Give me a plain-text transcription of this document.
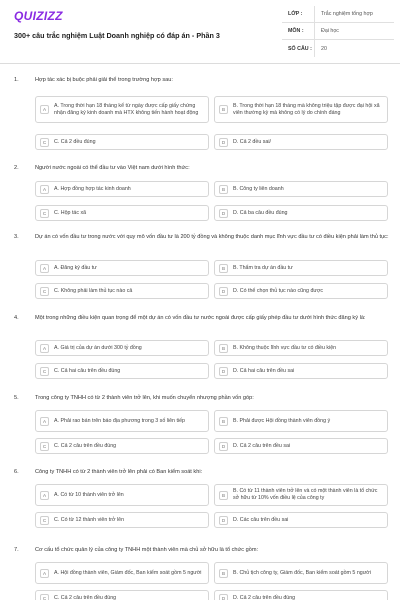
QUIZIZZ
300+ câu trắc nghiệm Luật Doanh nghiệp có đáp án - Phần 3
LỚP :	Trắc nghiệm tổng hợp
MÔN :	Đại học
SỐ CÂU :	20
1.	Hợp tác xác bị buộc phải giải thể trong trường hợp sau:
A
A. Trong thời hạn 18 tháng kể từ ngày được cấp giấy chứng nhận đăng ký kinh doanh mà HTX không tiến hành hoạt động	B
B. Trong thời hạn 18 tháng mà không triệu tập được đại hội xã viên thường kỳ mà không có lý do chính đáng
C	C. Cả 2 đều đúng	D	D. Cả 2 đều sai/
2.	Người nước ngoài có thể đầu tư vào Việt nam dưới hình thức:
A	A. Hợp đồng hợp tác kinh doanh	B	B. Công ty liên doanh
C	C. Hộp tác xã	D	D. Cả ba câu đều đúng
3.	Dự án có vốn đầu tư trong nước với quy mô vốn đầu tư là 200 tỷ đồng và không thuộc danh mục lĩnh vực đầu tư có điều kiện phải làm thủ tục:
A	A. Đăng ký đầu tư	B	B. Thẩm tra dự án đầu tư
C	C. Không phải làm thủ tục nào cả	D	D. Có thể chọn thủ tục nào cũng được
4.	Một trong những điều kiện quan trọng để một dự án có vốn đầu tư nước ngoài được cấp giấy phép đầu tư dưới hình thức đăng ký là:
A	A. Giá trị của dự án dưới 300 tỷ đồng	B	B. Không thuộc lĩnh vực đầu tư có điều kiện
C	C. Cả hai câu trên đều đúng	D	D. Cả hai câu trên đều sai
5.	Trong công ty TNHH có từ 2 thành viên trở lên, khi muốn chuyển nhượng phần vốn góp:
A	A. Phải rao bán trên báo địa phương trong 3 số liên tiếp	B	B. Phải được Hội đồng thành viên đồng ý
C	C. Cả 2 câu trên đều đúng	D	D. Cả 2 câu trên đều sai
6.	Công ty TNHH có từ 2 thành viên trở lên phải có Ban kiểm soát khi:
A	A. Có từ 10 thành viên trở lên	B
B. Có từ 11 thành viên trở lên và có một thành viên là tổ chức sở hữu từ 10% vốn điều lệ của công ty
C	C. Có từ 12 thành viên trở lên	D	D. Các câu trên đều sai
7.	Cơ cấu tổ chức quản lý của công ty TNHH một thành viên mà chủ sở hữu là tổ chức gồm:
A	A. Hội đồng thành viên, Giám đốc, Ban kiểm soát gồm 5 người	B	B. Chủ tịch công ty, Giám đốc, Ban kiểm soát gồm 5 người
C	C. Cả 2 câu trên đều đúng	D	D. Cả 2 câu trên đều đúng
